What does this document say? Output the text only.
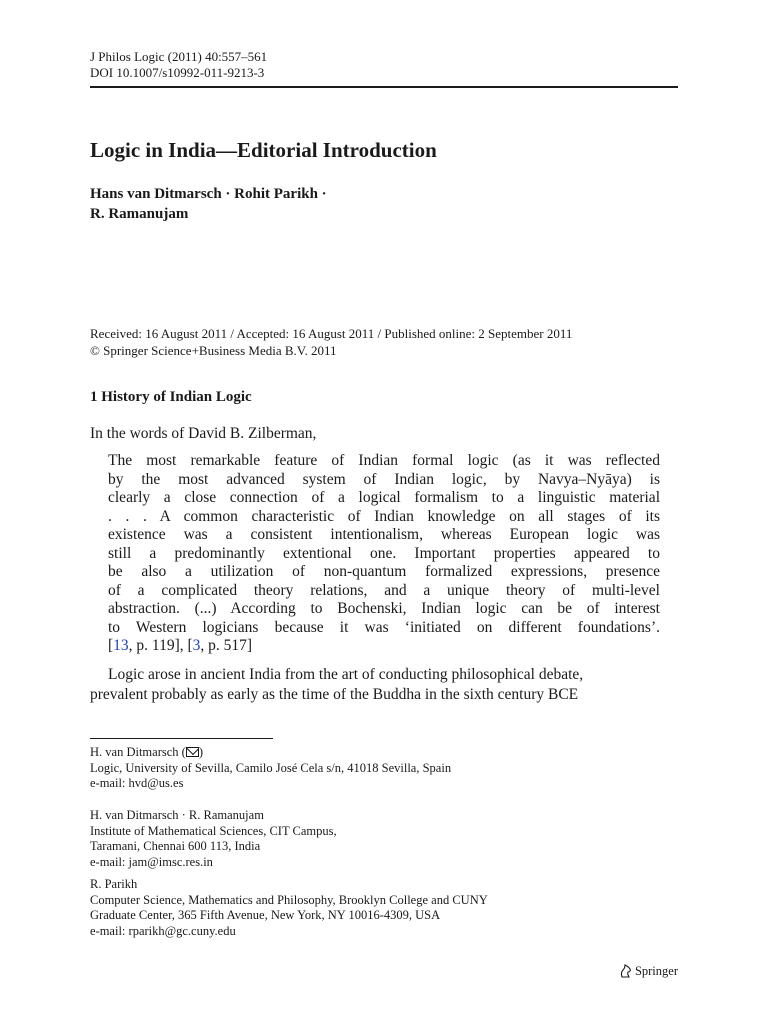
J Philos Logic (2011) 40:557–561
DOI 10.1007/s10992-011-9213-3
Logic in India—Editorial Introduction
Hans van Ditmarsch · Rohit Parikh ·
R. Ramanujam
Received: 16 August 2011 / Accepted: 16 August 2011 / Published online: 2 September 2011
© Springer Science+Business Media B.V. 2011
1 History of Indian Logic
In the words of David B. Zilberman,
The most remarkable feature of Indian formal logic (as it was reflected
by the most advanced system of Indian logic, by Navya–Nyāya) is
clearly a close connection of a logical formalism to a linguistic material
. . . A common characteristic of Indian knowledge on all stages of its
existence was a consistent intentionalism, whereas European logic was
still a predominantly extentional one. Important properties appeared to
be also a utilization of non-quantum formalized expressions, presence
of a complicated theory relations, and a unique theory of multi-level
abstraction. (...) According to Bochenski, Indian logic can be of interest
to Western logicians because it was ‘initiated on different foundations’.
[13, p. 119], [3, p. 517]
Logic arose in ancient India from the art of conducting philosophical debate,
prevalent probably as early as the time of the Buddha in the sixth century BCE
H. van Ditmarsch ( )
Logic, University of Sevilla, Camilo José Cela s/n, 41018 Sevilla, Spain
e-mail: hvd@us.es
H. van Ditmarsch · R. Ramanujam
Institute of Mathematical Sciences, CIT Campus,
Taramani, Chennai 600 113, India
e-mail: jam@imsc.res.in
R. Parikh
Computer Science, Mathematics and Philosophy, Brooklyn College and CUNY
Graduate Center, 365 Fifth Avenue, New York, NY 10016-4309, USA
e-mail: rparikh@gc.cuny.edu
Springer
